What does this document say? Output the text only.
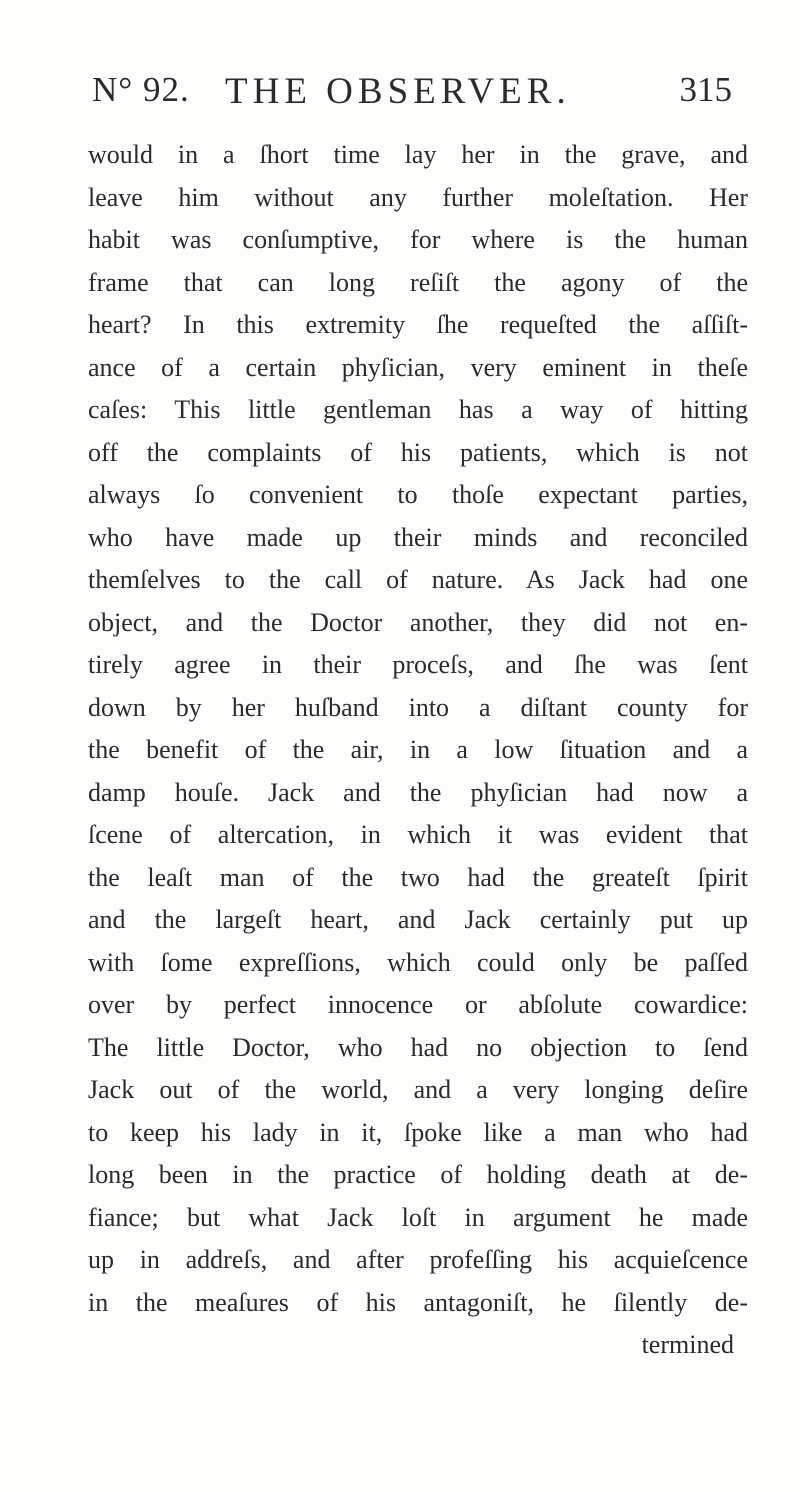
N° 92. THE OBSERVER.	315
would in a ſhort time lay her in the grave, and
leave him without any further moleſtation. Her
habit was conſumptive, for where is the human
frame that can long reſiſt the agony of the
heart? In this extremity ſhe requeſted the aſſiſt-
ance of a certain phyſician, very eminent in theſe
caſes: This little gentleman has a way of hitting
off the complaints of his patients, which is not
always ſo convenient to thoſe expectant parties,
who have made up their minds and reconciled
themſelves to the call of nature. As Jack had one
object, and the Doctor another, they did not en-
tirely agree in their proceſs, and ſhe was ſent
down by her huſband into a diſtant county for
the benefit of the air, in a low ſituation and a
damp houſe. Jack and the phyſician had now a
ſcene of altercation, in which it was evident that
the leaſt man of the two had the greateſt ſpirit
and the largeſt heart, and Jack certainly put up
with ſome expreſſions, which could only be paſſed
over by perfect innocence or abſolute cowardice:
The little Doctor, who had no objection to ſend
Jack out of the world, and a very longing deſire
to keep his lady in it, ſpoke like a man who had
long been in the practice of holding death at de-
fiance; but what Jack loſt in argument he made
up in addreſs, and after profeſſing his acquieſcence
in the meaſures of his antagoniſt, he ſilently de-
termined
